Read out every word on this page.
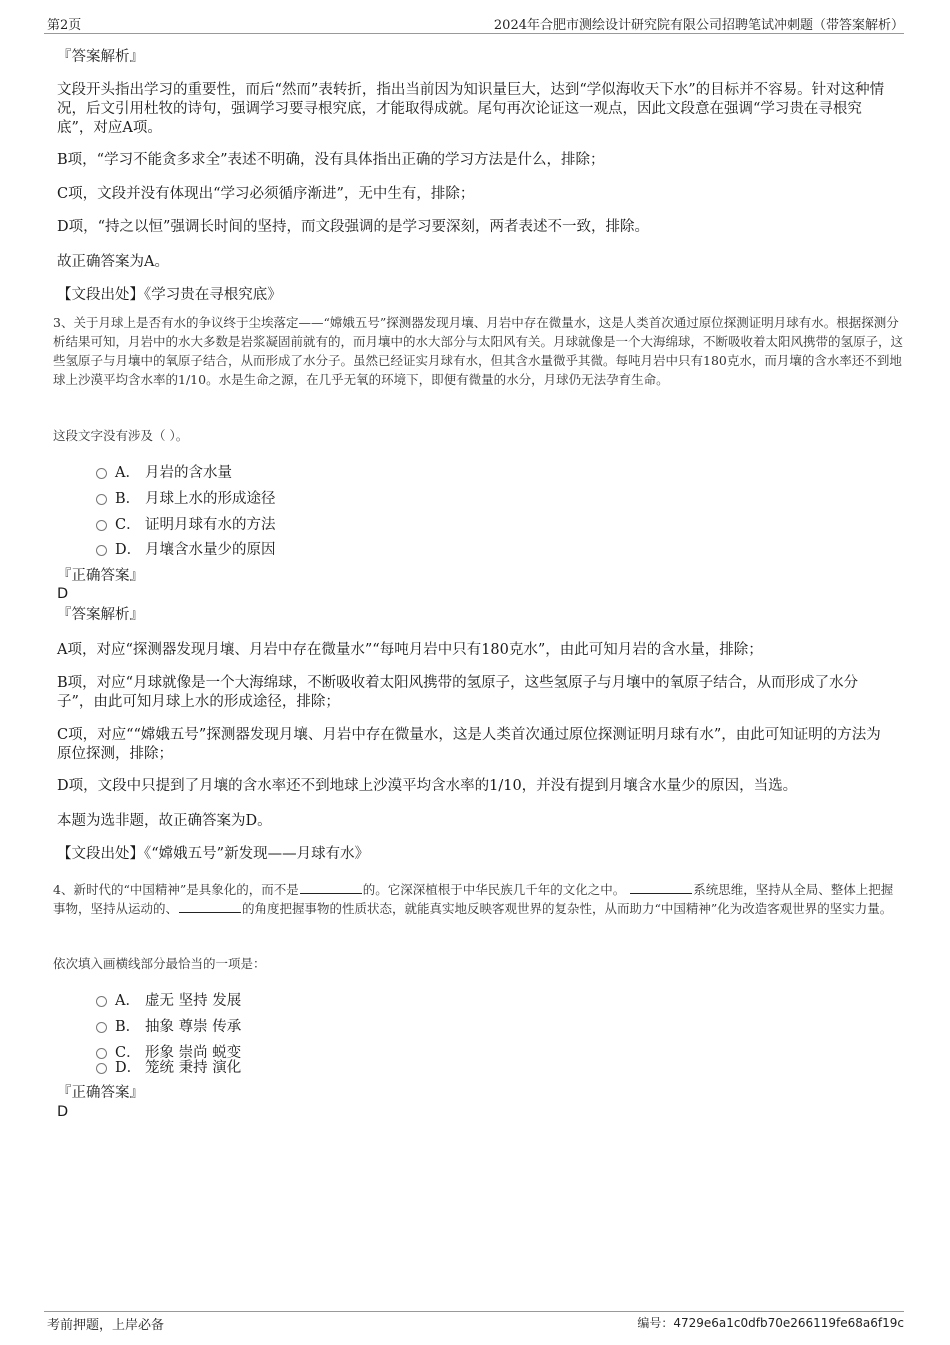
第2页	2024年合肥市测绘设计研究院有限公司招聘笔试冲刺题（带答案解析）
『答案解析』
文段开头指出学习的重要性，而后“然而”表转折，指出当前因为知识量巨大，达到“学似海收天下水”的目标并不容易。针对这种情况，后文引用杜牧的诗句，强调学习要寻根究底，才能取得成就。尾句再次论证这一观点，因此文段意在强调“学习贵在寻根究底”，对应A项。
B项，“学习不能贪多求全”表述不明确，没有具体指出正确的学习方法是什么，排除；
C项，文段并没有体现出“学习必须循序渐进”，无中生有，排除；
D项，“持之以恒”强调长时间的坚持，而文段强调的是学习要深刻，两者表述不一致，排除。
故正确答案为A。
【文段出处】《学习贵在寻根究底》
3、关于月球上是否有水的争议终于尘埃落定——“嫦娥五号”探测器发现月壤、月岩中存在微量水，这是人类首次通过原位探测证明月球有水。根据探测分析结果可知，月岩中的水大多数是岩浆凝固前就有的，而月壤中的水大部分与太阳风有关。月球就像是一个大海绵球，不断吸收着太阳风携带的氢原子，这些氢原子与月壤中的氧原子结合，从而形成了水分子。虽然已经证实月球有水，但其含水量微乎其微。每吨月岩中只有180克水，而月壤的含水率还不到地球上沙漠平均含水率的1/10。水是生命之源，在几乎无氧的环境下，即便有微量的水分，月球仍无法孕育生命。
这段文字没有涉及（ ）。
A． 月岩的含水量
B． 月球上水的形成途径
C． 证明月球有水的方法
D． 月壤含水量少的原因
『正确答案』
D
『答案解析』
A项，对应“探测器发现月壤、月岩中存在微量水”“每吨月岩中只有180克水”，由此可知月岩的含水量，排除；
B项，对应“月球就像是一个大海绵球，不断吸收着太阳风携带的氢原子，这些氢原子与月壤中的氧原子结合，从而形成了水分子”，由此可知月球上水的形成途径，排除；
C项，对应““嫦娥五号”探测器发现月壤、月岩中存在微量水，这是人类首次通过原位探测证明月球有水”，由此可知证明的方法为原位探测，排除；
D项，文段中只提到了月壤的含水率还不到地球上沙漠平均含水率的1/10，并没有提到月壤含水量少的原因，当选。
本题为选非题，故正确答案为D。
【文段出处】《“嫦娥五号”新发现——月球有水》
4、新时代的“中国精神”是具象化的，而不是	的。它深深植根于中华民族几千年的文化之中。	系统思维，坚持从全局、整体上把握事物，坚持从运动的、	的角度把握事物的性质状态，就能真实地反映客观世界的复杂性，从而助力“中国精神”化为改造客观世界的坚实力量。
依次填入画横线部分最恰当的一项是：
A． 虚无 坚持 发展
B． 抽象 尊崇 传承
C． 形象 崇尚 蜕变
D． 笼统 秉持 演化
『正确答案』
D
考前押题，上岸必备	编号：4729e6a1c0dfb70e266119fe68a6f19c
